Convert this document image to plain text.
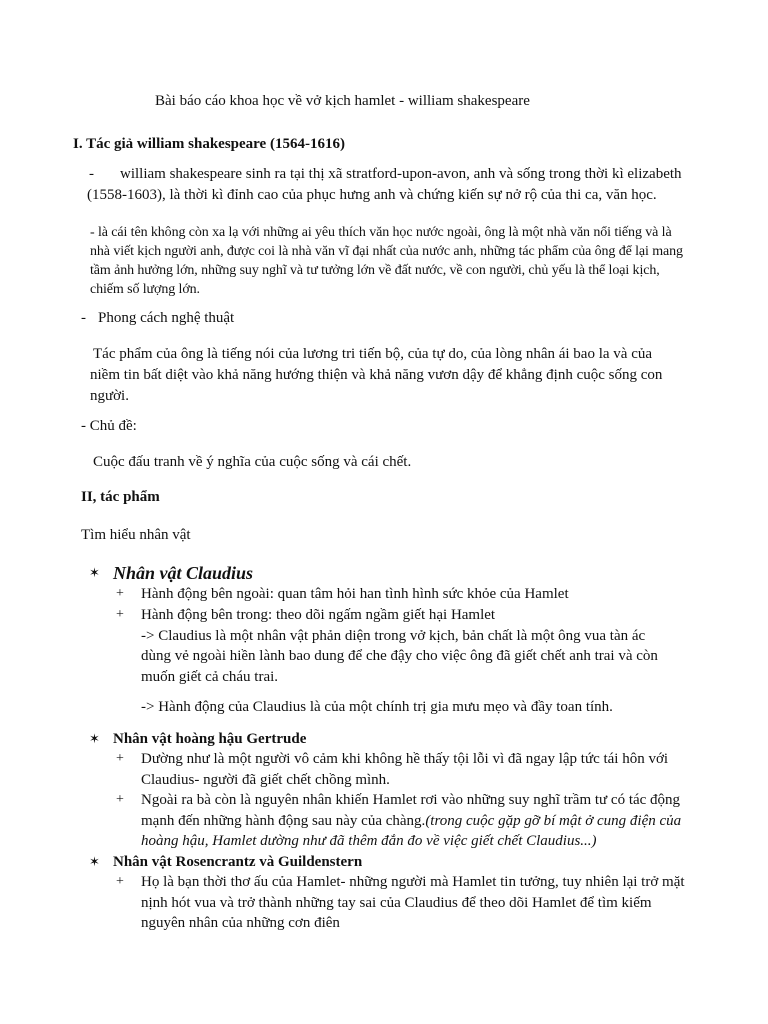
Bài báo cáo khoa học về vở kịch hamlet - william shakespeare

I. Tác giả william shakespeare (1564-1616)

- william shakespeare sinh ra tại thị xã stratford-upon-avon, anh và sống trong thời kì elizabeth (1558-1603), là thời kì đỉnh cao của phục hưng anh và chứng kiến sự nở rộ của thi ca, văn học.

- là cái tên không còn xa lạ với những ai yêu thích văn học nước ngoài, ông là một nhà văn nổi tiếng và là nhà viết kịch người anh, được coi là nhà văn vĩ đại nhất của nước anh, những tác phẩm của ông để lại mang tầm ảnh hưởng lớn, những suy nghĩ và tư tưởng lớn về đất nước, về con người, chủ yếu là thể loại kịch, chiếm số lượng lớn.

- Phong cách nghệ thuật

Tác phẩm của ông là tiếng nói của lương tri tiến bộ, của tự do, của lòng nhân ái bao la và của niềm tin bất diệt vào khả năng hướng thiện và khả năng vươn dậy để khẳng định cuộc sống con người.

- Chủ đề:

Cuộc đấu tranh về ý nghĩa của cuộc sống và cái chết.

II, tác phẩm

Tìm hiểu nhân vật

✶ Nhân vật Claudius
+	Hành động bên ngoài: quan tâm hỏi han tình hình sức khỏe của Hamlet
+	Hành động bên trong: theo dõi ngấm ngầm giết hại Hamlet
-> Claudius là một nhân vật phản diện trong vở kịch, bản chất là một ông vua tàn ác dùng vẻ ngoài hiền lành bao dung để che đậy cho việc ông đã giết chết anh trai và còn muốn giết cả cháu trai.

-> Hành động của Claudius là của một chính trị gia mưu mẹo và đầy toan tính.

✶ Nhân vật hoàng hậu Gertrude
+	Dường như là một người vô cảm khi không hề thấy tội lỗi vì đã ngay lập tức tái hôn với Claudius- người đã giết chết chồng mình.
+	Ngoài ra bà còn là nguyên nhân khiến Hamlet rơi vào những suy nghĩ trầm tư có tác động mạnh đến những hành động sau này của chàng.(trong cuộc gặp gỡ bí mật ở cung điện của hoàng hậu, Hamlet dường như đã thêm đắn đo về việc giết chết Claudius...)
✶ Nhân vật Rosencrantz và Guildenstern
+	Họ là bạn thời thơ ấu của Hamlet- những người mà Hamlet tin tưởng, tuy nhiên lại trở mặt nịnh hót vua và trở thành những tay sai của Claudius để theo dõi Hamlet để tìm kiếm nguyên nhân của những cơn điên
